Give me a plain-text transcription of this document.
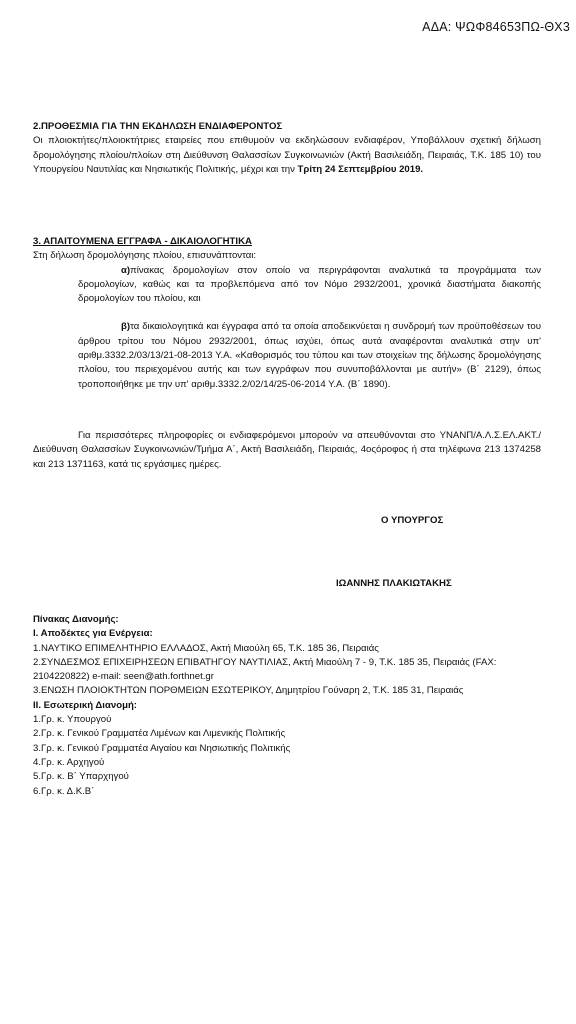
ΑΔΑ: ΨΩΦ84653ΠΩ-ΘΧ3

2.ΠΡΟΘΕΣΜΙΑ ΓΙΑ ΤΗΝ ΕΚΔΗΛΩΣΗ ΕΝΔΙΑΦΕΡΟΝΤΟΣ

Οι πλοιοκτήτες/πλοιοκτήτριες εταιρείες που επιθυμούν να εκδηλώσουν ενδιαφέρον, Υποβάλλουν σχετική δήλωση δρομολόγησης πλοίου/πλοίων στη Διεύθυνση Θαλασσίων Συγκοινωνιών (Ακτή Βασιλειάδη, Πειραιάς, Τ.Κ. 185 10) του Υπουργείου Ναυτιλίας και Νησιωτικής Πολιτικής, μέχρι και την Τρίτη 24 Σεπτεμβρίου 2019.

3. ΑΠΑΙΤΟΥΜΕΝΑ ΕΓΓΡΑΦΑ - ΔΙΚΑΙΟΛΟΓΗΤΙΚΑ

Στη δήλωση δρομολόγησης πλοίου, επισυνάπτονται:

α)πίνακας δρομολογίων στον οποίο να περιγράφονται αναλυτικά τα προγράμματα των δρομολογίων, καθώς και τα προβλεπόμενα από τον Νόμο 2932/2001, χρονικά διαστήματα διακοπής δρομολογίων του πλοίου, και

β)τα δικαιολογητικά και έγγραφα από τα οποία αποδεικνύεται η συνδρομή των προϋποθέσεων του άρθρου τρίτου του Νόμου 2932/2001, όπως ισχύει, όπως αυτά αναφέρονται αναλυτικά στην υπ' αριθμ.3332.2/03/13/21-08-2013 Υ.Α. «Καθορισμός του τύπου και των στοιχείων της δήλωσης δρομολόγησης πλοίου, του περιεχομένου αυτής και των εγγράφων που συνυποβάλλονται με αυτήν» (Β΄ 2129), όπως τροποποιήθηκε με την υπ' αριθμ.3332.2/02/14/25-06-2014 Υ.Α. (Β΄ 1890).

Για περισσότερες πληροφορίες οι ενδιαφερόμενοι μπορούν να απευθύνονται στο ΥΝΑΝΠ/Α.Λ.Σ.ΕΛ.ΑΚΤ./Διεύθυνση Θαλασσίων Συγκοινωνιών/Τμήμα Α΄, Ακτή Βασιλειάδη, Πειραιάς, 4οςόροφος ή στα τηλέφωνα 213 1374258 και 213 1371163, κατά τις εργάσιμες ημέρες.

Ο ΥΠΟΥΡΓΟΣ
ΙΩΑΝΝΗΣ ΠΛΑΚΙΩΤΑΚΗΣ

Πίνακας Διανομής:

Ι. Αποδέκτες για Ενέργεια:

1.ΝΑΥΤΙΚΟ ΕΠΙΜΕΛΗΤΗΡΙΟ ΕΛΛΑΔΟΣ, Ακτή Μιαούλη 65, Τ.Κ. 185 36, Πειραιάς

2.ΣΥΝΔΕΣΜΟΣ ΕΠΙΧΕΙΡΗΣΕΩΝ ΕΠΙΒΑΤΗΓΟΥ ΝΑΥΤΙΛΙΑΣ, Ακτή Μιαούλη 7 - 9, Τ.Κ. 185 35, Πειραιάς (FAX: 2104220822) e-mail: seen@ath.forthnet.gr

3.ΕΝΩΣΗ ΠΛΟΙΟΚΤΗΤΩΝ ΠΟΡΘΜΕΙΩΝ ΕΣΩΤΕΡΙΚΟΥ, Δημητρίου Γούναρη 2, Τ.Κ. 185 31, Πειραιάς

ΙΙ. Εσωτερική Διανομή:

1.Γρ. κ. Υπουργού

2.Γρ. κ. Γενικού Γραμματέα Λιμένων και Λιμενικής Πολιτικής

3.Γρ. κ. Γενικού Γραμματέα Αιγαίου και Νησιωτικής Πολιτικής

4.Γρ. κ. Αρχηγού

5.Γρ. κ. Β΄ Υπαρχηγού

6.Γρ. κ. Δ.Κ.Β΄
